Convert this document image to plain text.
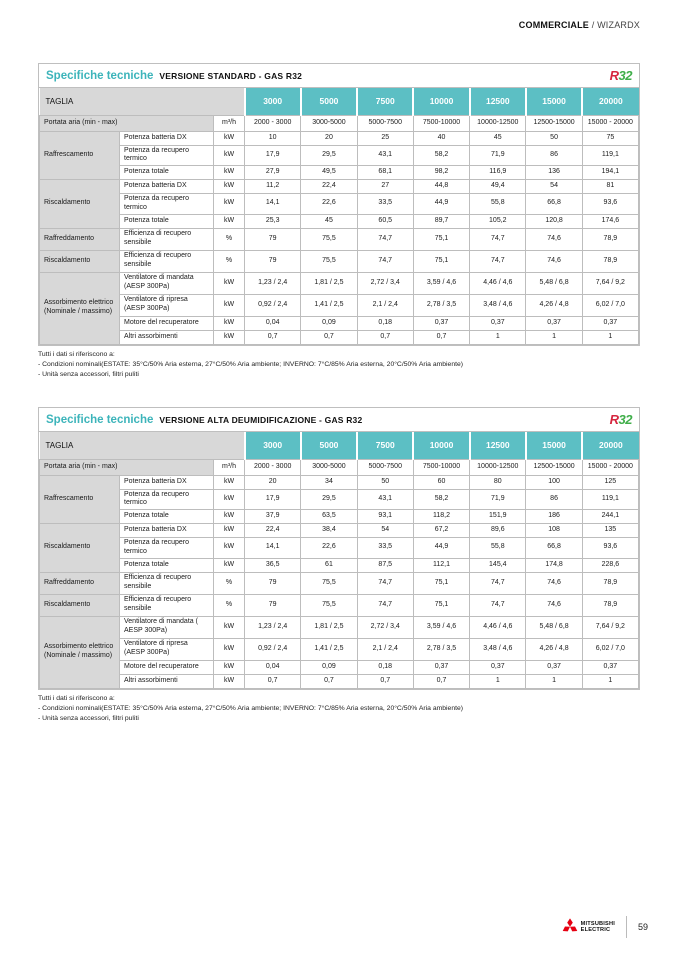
COMMERCIALE / WIZARDX
Specifiche tecniche VERSIONE STANDARD - GAS R32	R32
TAGLIA			3000	5000	7500	10000	12500	15000	20000
Portata aria (min - max)		m³/h	2000 - 3000	3000-5000	5000-7500	7500-10000	10000-12500	12500-15000	15000 - 20000
Raffrescamento	Potenza batteria DX	kW	10	20	25	40	45	50	75
	Potenza da recupero termico	kW	17,9	29,5	43,1	58,2	71,9	86	119,1
	Potenza totale	kW	27,9	49,5	68,1	98,2	116,9	136	194,1
Riscaldamento	Potenza batteria DX	kW	11,2	22,4	27	44,8	49,4	54	81
	Potenza da recupero termico	kW	14,1	22,6	33,5	44,9	55,8	66,8	93,6
	Potenza totale	kW	25,3	45	60,5	89,7	105,2	120,8	174,6
Raffreddamento	Efficienza di recupero sensibile	%	79	75,5	74,7	75,1	74,7	74,6	78,9
Riscaldamento	Efficienza di recupero sensibile	%	79	75,5	74,7	75,1	74,7	74,6	78,9
Assorbimento elettrico (Nominale / massimo)	Ventilatore di mandata (AESP 300Pa)	kW	1,23 / 2,4	1,81 / 2,5	2,72 / 3,4	3,59 / 4,6	4,46 / 4,6	5,48 / 6,8	7,64 / 9,2
	Ventilatore di ripresa (AESP 300Pa)	kW	0,92 / 2,4	1,41 / 2,5	2,1 / 2,4	2,78 / 3,5	3,48 / 4,6	4,26 / 4,8	6,02 / 7,0
	Motore del recuperatore	kW	0,04	0,09	0,18	0,37	0,37	0,37	0,37
	Altri assorbimenti	kW	0,7	0,7	0,7	0,7	1	1	1
Tutti i dati si riferiscono a:
- Condizioni nominali(ESTATE: 35°C/50% Aria esterna, 27°C/50% Aria ambiente; INVERNO: 7°C/85% Aria esterna, 20°C/50% Aria ambiente)
- Unità senza accessori, filtri puliti
Specifiche tecniche VERSIONE ALTA DEUMIDIFICAZIONE - GAS R32	R32
TAGLIA			3000	5000	7500	10000	12500	15000	20000
Portata aria (min - max)		m³/h	2000 - 3000	3000-5000	5000-7500	7500-10000	10000-12500	12500-15000	15000 - 20000
Raffrescamento	Potenza batteria DX	kW	20	34	50	60	80	100	125
	Potenza da recupero termico	kW	17,9	29,5	43,1	58,2	71,9	86	119,1
	Potenza totale	kW	37,9	63,5	93,1	118,2	151,9	186	244,1
Riscaldamento	Potenza batteria DX	kW	22,4	38,4	54	67,2	89,6	108	135
	Potenza da recupero termico	kW	14,1	22,6	33,5	44,9	55,8	66,8	93,6
	Potenza totale	kW	36,5	61	87,5	112,1	145,4	174,8	228,6
Raffreddamento	Efficienza di recupero sensibile	%	79	75,5	74,7	75,1	74,7	74,6	78,9
Riscaldamento	Efficienza di recupero sensibile	%	79	75,5	74,7	75,1	74,7	74,6	78,9
Assorbimento elettrico (Nominale / massimo)	Ventilatore di mandata ( AESP 300Pa)	kW	1,23 / 2,4	1,81 / 2,5	2,72 / 3,4	3,59 / 4,6	4,46 / 4,6	5,48 / 6,8	7,64 / 9,2
	Ventilatore di ripresa (AESP 300Pa)	kW	0,92 / 2,4	1,41 / 2,5	2,1 / 2,4	2,78 / 3,5	3,48 / 4,6	4,26 / 4,8	6,02 / 7,0
	Motore del recuperatore	kW	0,04	0,09	0,18	0,37	0,37	0,37	0,37
	Altri assorbimenti	kW	0,7	0,7	0,7	0,7	1	1	1
Tutti i dati si riferiscono a:
- Condizioni nominali(ESTATE: 35°C/50% Aria esterna, 27°C/50% Aria ambiente; INVERNO: 7°C/85% Aria esterna, 20°C/50% Aria ambiente)
- Unità senza accessori, filtri puliti
MITSUBISHI
ELECTRIC	59
